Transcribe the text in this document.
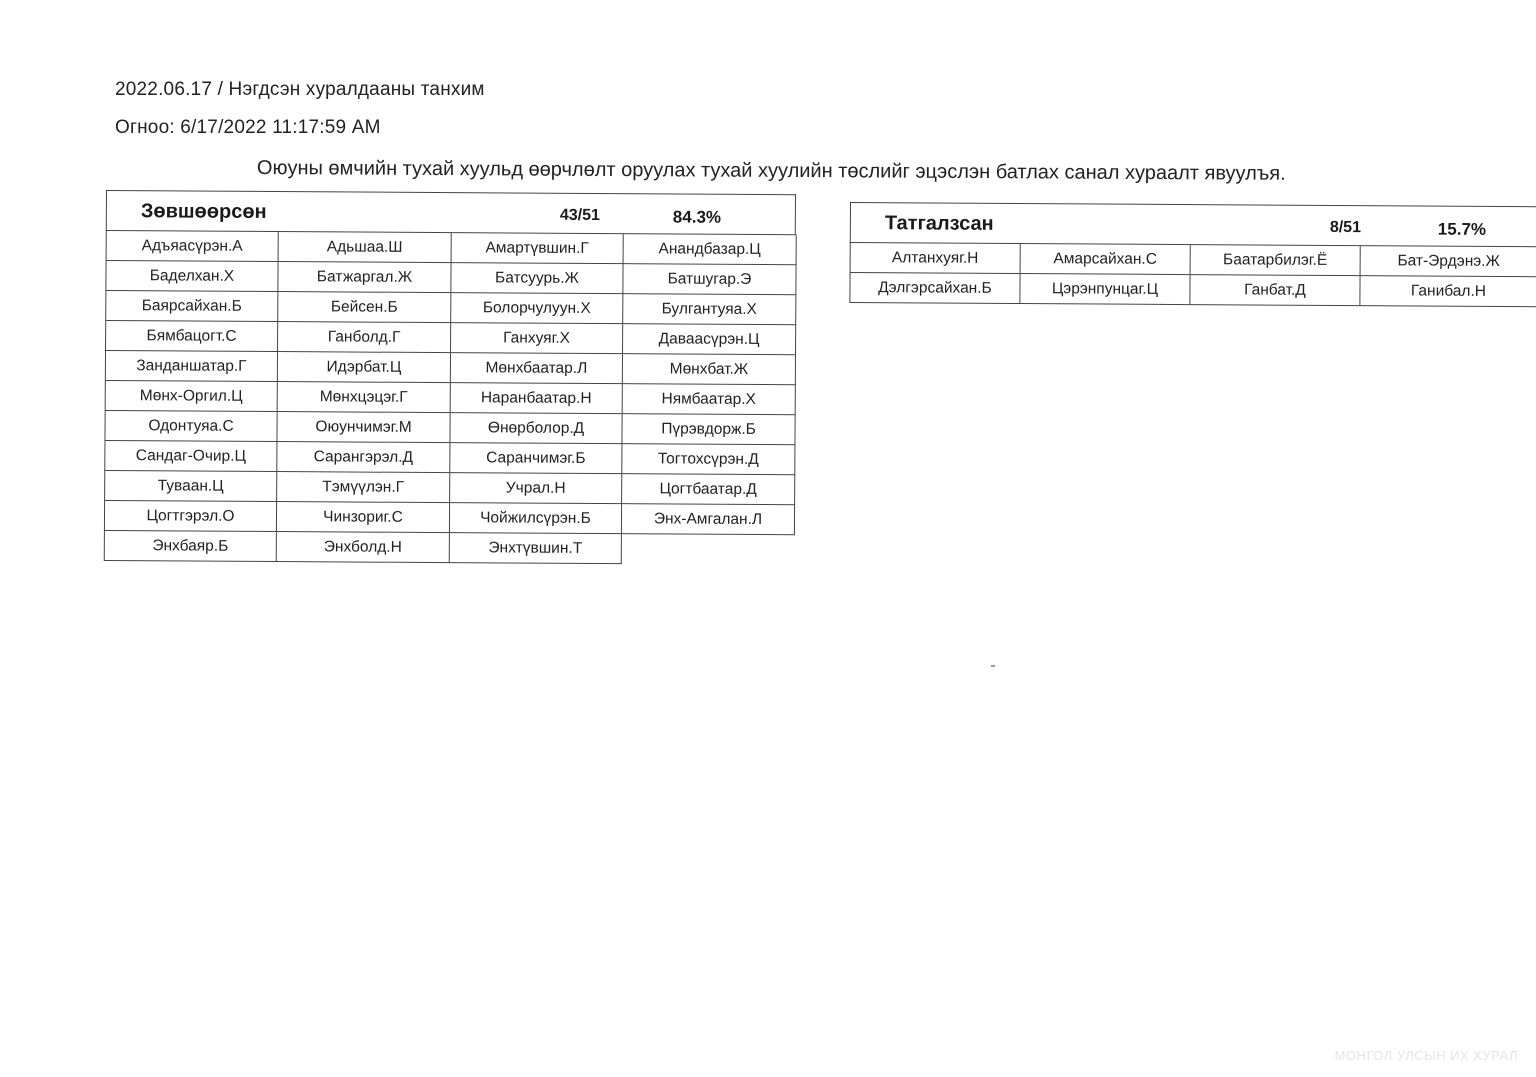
2022.06.17 / Нэгдсэн хуралдааны танхим
Огноо: 6/17/2022 11:17:59 AM
Оюуны өмчийн тухай хуульд өөрчлөлт оруулах тухай хуулийн төслийг эцэслэн батлах санал хураалт явуулъя.
Зөвшөөрсөн	43/51	84.3%
Адъяасүрэн.А	Адьшаа.Ш	Амартүвшин.Г	Анандбазар.Ц
Баделхан.Х	Батжаргал.Ж	Батсуурь.Ж	Батшугар.Э
Баярсайхан.Б	Бейсен.Б	Болорчулуун.Х	Булгантуяа.Х
Бямбацогт.С	Ганболд.Г	Ганхуяг.Х	Даваасүрэн.Ц
Занданшатар.Г	Идэрбат.Ц	Мөнхбаатар.Л	Мөнхбат.Ж
Мөнх-Оргил.Ц	Мөнхцэцэг.Г	Наранбаатар.Н	Нямбаатар.Х
Одонтуяа.С	Оюунчимэг.М	Өнөрболор.Д	Пүрэвдорж.Б
Сандаг-Очир.Ц	Сарангэрэл.Д	Саранчимэг.Б	Тогтохсүрэн.Д
Туваан.Ц	Тэмүүлэн.Г	Учрал.Н	Цогтбаатар.Д
Цогтгэрэл.О	Чинзориг.С	Чойжилсүрэн.Б	Энх-Амгалан.Л
Энхбаяр.Б	Энхболд.Н	Энхтүвшин.Т
Татгалзсан	8/51	15.7%
Алтанхуяг.Н	Амарсайхан.С	Баатарбилэг.Ё	Бат-Эрдэнэ.Ж
Дэлгэрсайхан.Б	Цэрэнпунцаг.Ц	Ганбат.Д	Ганибал.Н
МОНГОЛ УЛСЫН ИХ ХУРАЛ
